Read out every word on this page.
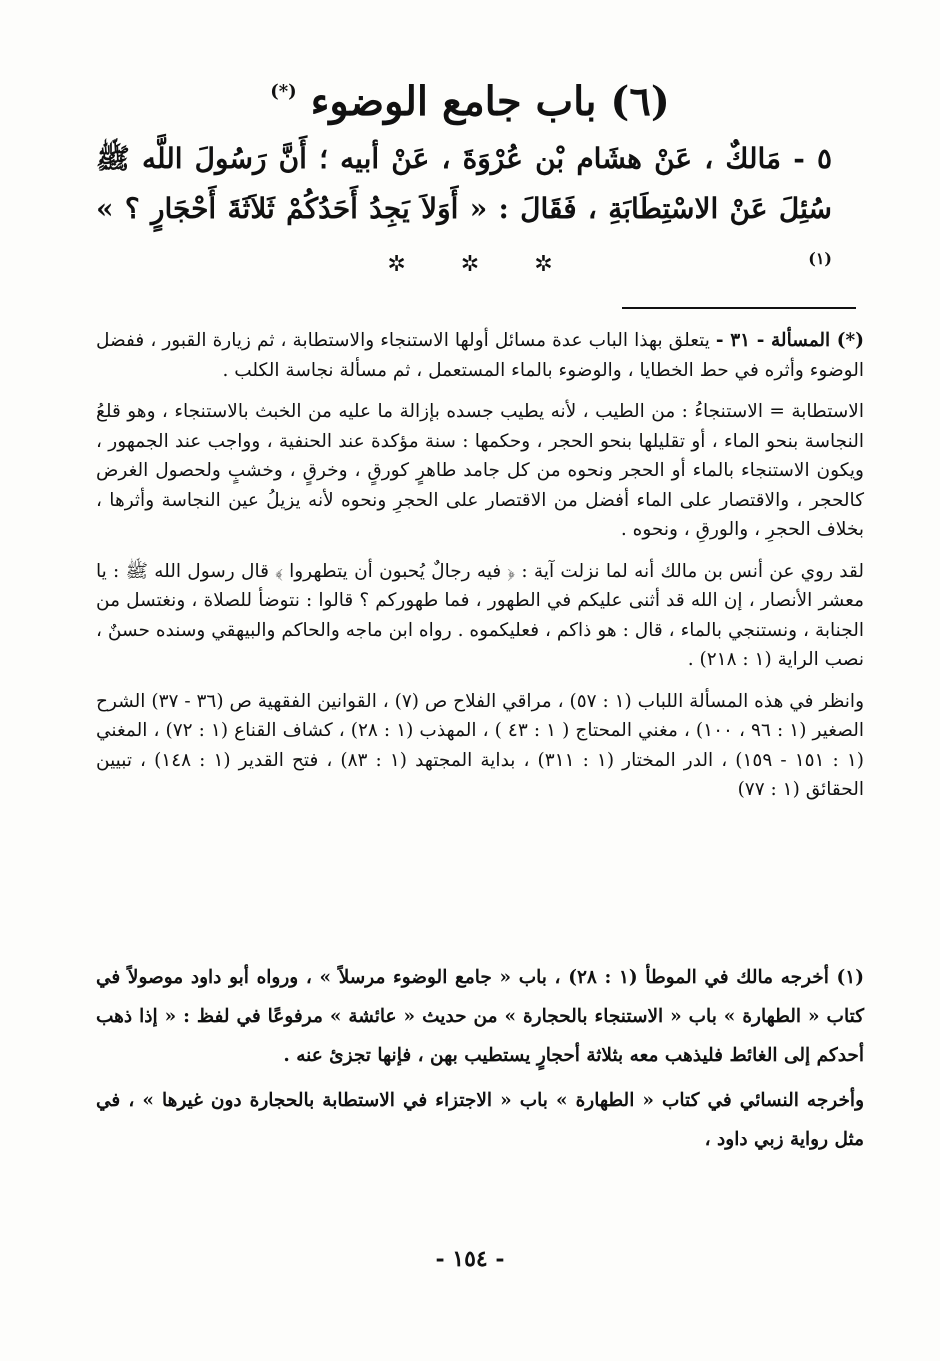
(٦) باب جامع الوضوء (*)
٥ - مَالكٌ ، عَنْ هشَام بْن عُرْوَةَ ، عَنْ أبيه ؛ أَنَّ رَسُولَ اللَّه ﷺ سُئِلَ عَنْ الاسْتِطَابَةِ ، فَقَالَ : « أَوَلاَ يَجِدُ أَحَدُكُمْ ثَلاَثَةَ أَحْجَارٍ ؟ » $^{(١)}$
✲ ✲ ✲

(*) المسألة - ٣١ - يتعلق بهذا الباب عدة مسائل أولها الاستنجاء والاستطابة ، ثم زيارة القبور ، ففضل الوضوء وأثره في حط الخطايا ، والوضوء بالماء المستعمل ، ثم مسألة نجاسة الكلب .

الاستطابة = الاستنجاءُ : من الطيب ، لأنه يطيب جسده بإزالة ما عليه من الخبث بالاستنجاء ، وهو قلعُ النجاسة بنحو الماء ، أو تقليلها بنحو الحجر ، وحكمها : سنة مؤكدة عند الحنفية ، وواجب عند الجمهور ، ويكون الاستنجاء بالماء أو الحجر ونحوه من كل جامد طاهرٍ كورقٍ ، وخرقٍ ، وخشبٍ ولحصول الغرض كالحجر ، والاقتصار على الماء أفضل من الاقتصار على الحجرِ ونحوه لأنه يزيلُ عين النجاسة وأثرها ، بخلاف الحجرِ ، والورقِ ، ونحوه .

لقد روي عن أنس بن مالك أنه لما نزلت آية : ﴿ فيه رجالٌ يُحبون أن يتطهروا ﴾ قال رسول الله ﷺ : يا معشر الأنصار ، إن الله قد أثنى عليكم في الطهور ، فما طهوركم ؟ قالوا : نتوضأ للصلاة ، ونغتسل من الجنابة ، ونستنجي بالماء ، قال : هو ذاكم ، فعليكموه . رواه ابن ماجه والحاكم والبيهقي وسنده حسنٌ ، نصب الراية (١ : ٢١٨) .

وانظر في هذه المسألة اللباب (١ : ٥٧) ، مراقي الفلاح ص (٧) ، القوانين الفقهية ص (٣٦ - ٣٧) الشرح الصغير (١ : ٩٦ ، ١٠٠) ، مغني المحتاج ( ١ : ٤٣ ) ، المهذب (١ : ٢٨) ، كشاف القناع (١ : ٧٢) ، المغني (١ : ١٥١ - ١٥٩) ، الدر المختار (١ : ٣١١) ، بداية المجتهد (١ : ٨٣) ، فتح القدير (١ : ١٤٨) ، تبيين الحقائق (١ : ٧٧)

(١) أخرجه مالك في الموطأ (١ : ٢٨) ، باب « جامع الوضوء مرسلاً » ، ورواه أبو داود موصولاً في كتاب « الطهارة » باب « الاستنجاء بالحجارة » من حديث « عائشة » مرفوعًا في لفظ : « إذا ذهب أحدكم إلى الغائط فليذهب معه بثلاثة أحجارٍ يستطيب بهن ، فإنها تجزئ عنه .

وأخرجه النسائي في كتاب « الطهارة » باب « الاجتزاء في الاستطابة بالحجارة دون غيرها » ، في مثل رواية زبي داود ،

- ١٥٤ -
